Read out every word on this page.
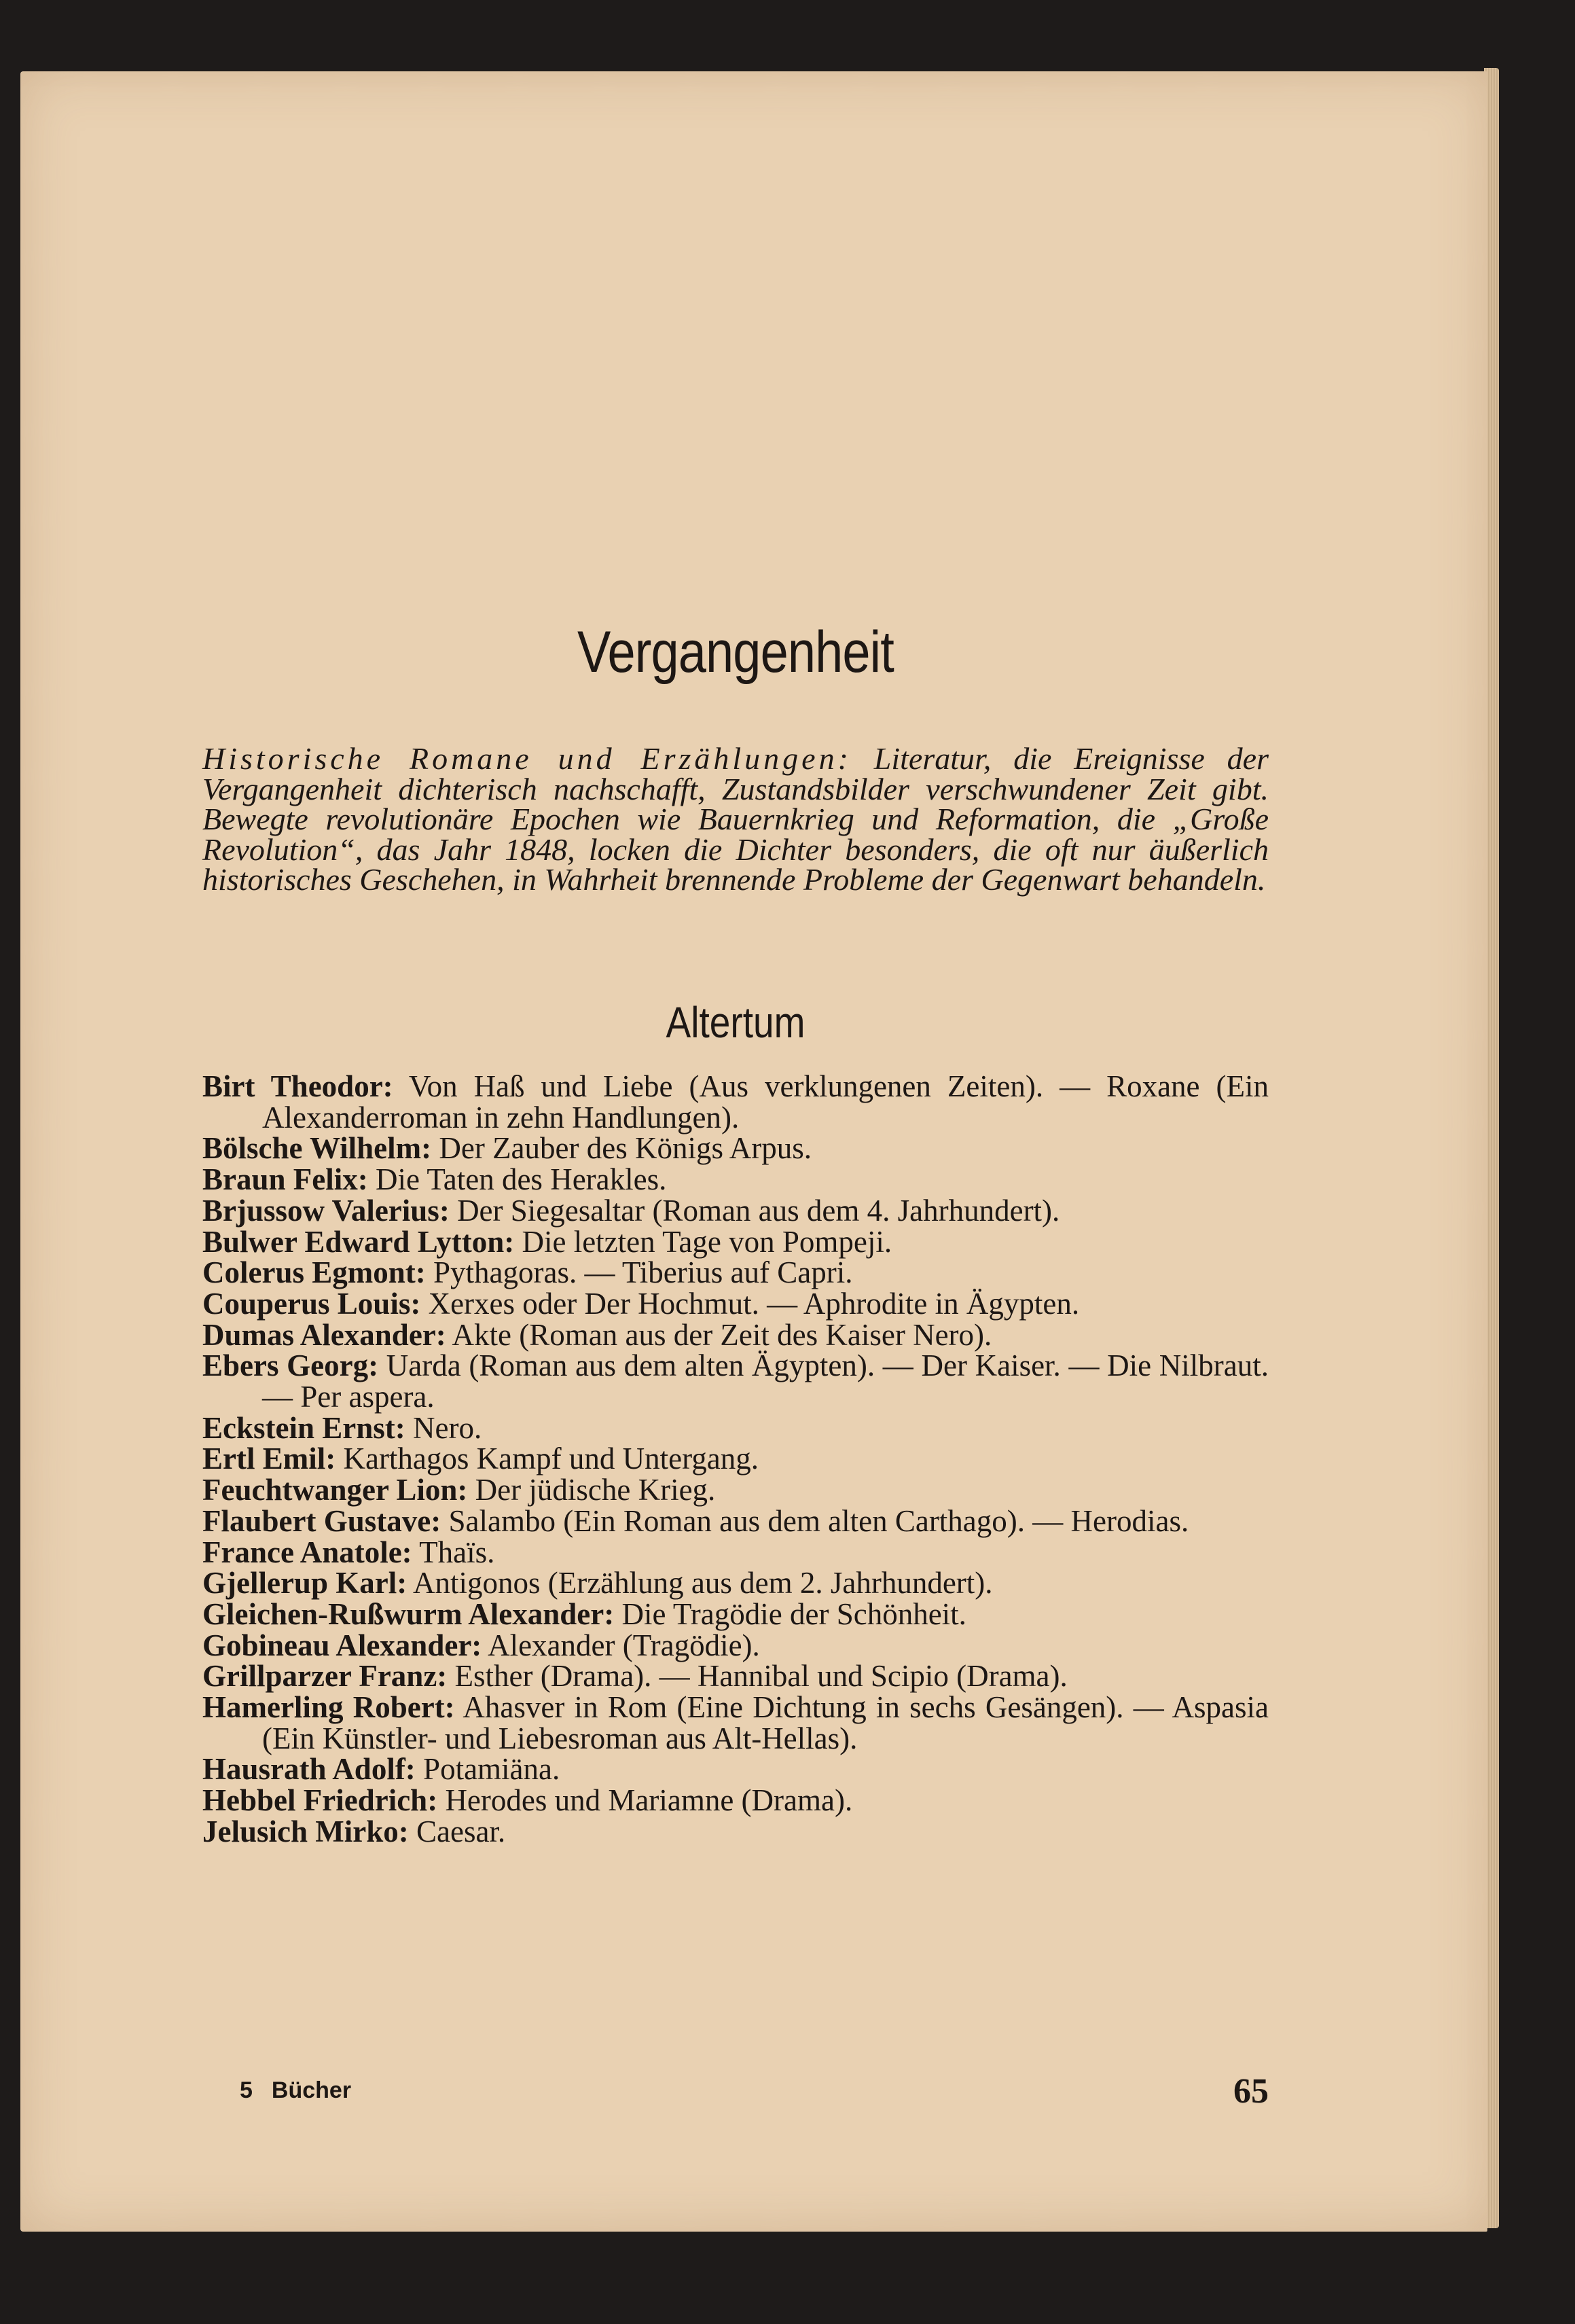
Vergangenheit

Historische Romane und Erzählungen: Literatur, die Ereignisse der Vergangenheit dichterisch nachschafft, Zustandsbilder verschwundener Zeit gibt. Bewegte revolutionäre Epochen wie Bauernkrieg und Reformation, die „Große Revolution“, das Jahr 1848, locken die Dichter besonders, die oft nur äußerlich historisches Geschehen, in Wahrheit brennende Probleme der Gegenwart behandeln.

Altertum
Birt Theodor: Von Haß und Liebe (Aus verklungenen Zeiten). — Roxane (Ein Alexanderroman in zehn Handlungen).
Bölsche Wilhelm: Der Zauber des Königs Arpus.
Braun Felix: Die Taten des Herakles.
Brjussow Valerius: Der Siegesaltar (Roman aus dem 4. Jahrhundert).
Bulwer Edward Lytton: Die letzten Tage von Pompeji.
Colerus Egmont: Pythagoras. — Tiberius auf Capri.
Couperus Louis: Xerxes oder Der Hochmut. — Aphrodite in Ägypten.
Dumas Alexander: Akte (Roman aus der Zeit des Kaiser Nero).
Ebers Georg: Uarda (Roman aus dem alten Ägypten). — Der Kaiser. — Die Nilbraut. — Per aspera.
Eckstein Ernst: Nero.
Ertl Emil: Karthagos Kampf und Untergang.
Feuchtwanger Lion: Der jüdische Krieg.
Flaubert Gustave: Salambo (Ein Roman aus dem alten Carthago). — Herodias.
France Anatole: Thaïs.
Gjellerup Karl: Antigonos (Erzählung aus dem 2. Jahrhundert).
Gleichen-Rußwurm Alexander: Die Tragödie der Schönheit.
Gobineau Alexander: Alexander (Tragödie).
Grillparzer Franz: Esther (Drama). — Hannibal und Scipio (Drama).
Hamerling Robert: Ahasver in Rom (Eine Dichtung in sechs Gesängen). — Aspasia (Ein Künstler- und Liebesroman aus Alt-Hellas).
Hausrath Adolf: Potamiäna.
Hebbel Friedrich: Herodes und Mariamne (Drama).
Jelusich Mirko: Caesar.
5 Bücher	65
